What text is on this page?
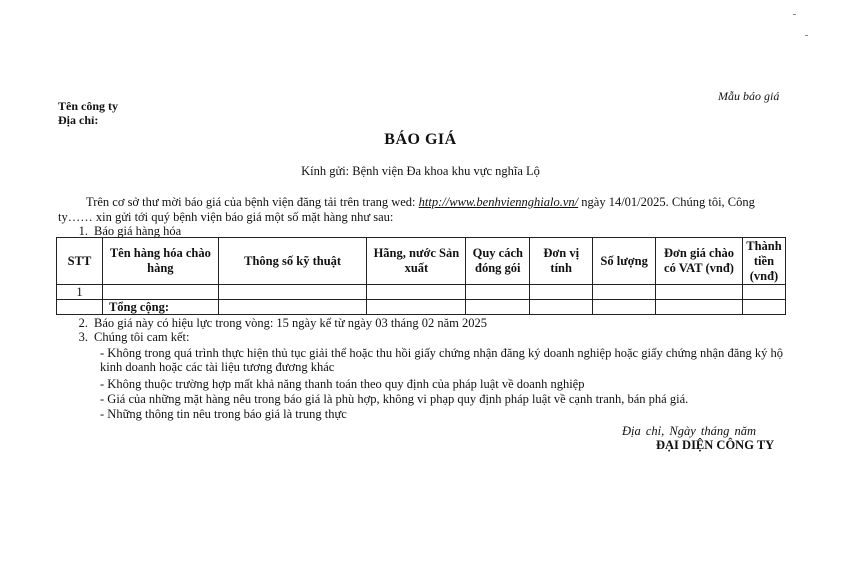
Mẫu báo giá
Tên công ty
Địa chỉ:
BÁO GIÁ
Kính gửi: Bệnh viện Đa khoa khu vực nghĩa Lộ
Trên cơ sở thư mời báo giá của bệnh viện đăng tải trên trang wed: http://www.benhviennghialo.vn/ ngày 14/01/2025. Chúng tôi, Công ty…… xin gửi tới quý bệnh viện báo giá một số mặt hàng như sau:
1. Báo giá hàng hóa
STT	Tên hàng hóa chào hàng	Thông số kỹ thuật	Hãng, nước Sản xuất	Quy cách đóng gói	Đơn vị tính	Số lượng	Đơn giá chào có VAT (vnđ)	Thành tiền (vnđ)
1								
	Tổng cộng:							
2. Báo giá này có hiệu lực trong vòng: 15 ngày kể từ ngày 03 tháng 02 năm 2025
3. Chúng tôi cam kết:
- Không trong quá trình thực hiện thủ tục giải thể hoặc thu hồi giấy chứng nhận đăng ký doanh nghiệp hoặc giấy chứng nhận đăng ký hộ kinh doanh hoặc các tài liệu tương đương khác
- Không thuộc trường hợp mất khả năng thanh toán theo quy định của pháp luật về doanh nghiệp
- Giá của những mặt hàng nêu trong báo giá là phù hợp, không vi phạp quy định pháp luật về cạnh tranh, bán phá giá.
- Những thông tin nêu trong báo giá là trung thực
Địa chỉ, Ngày tháng năm
ĐẠI DIỆN CÔNG TY
